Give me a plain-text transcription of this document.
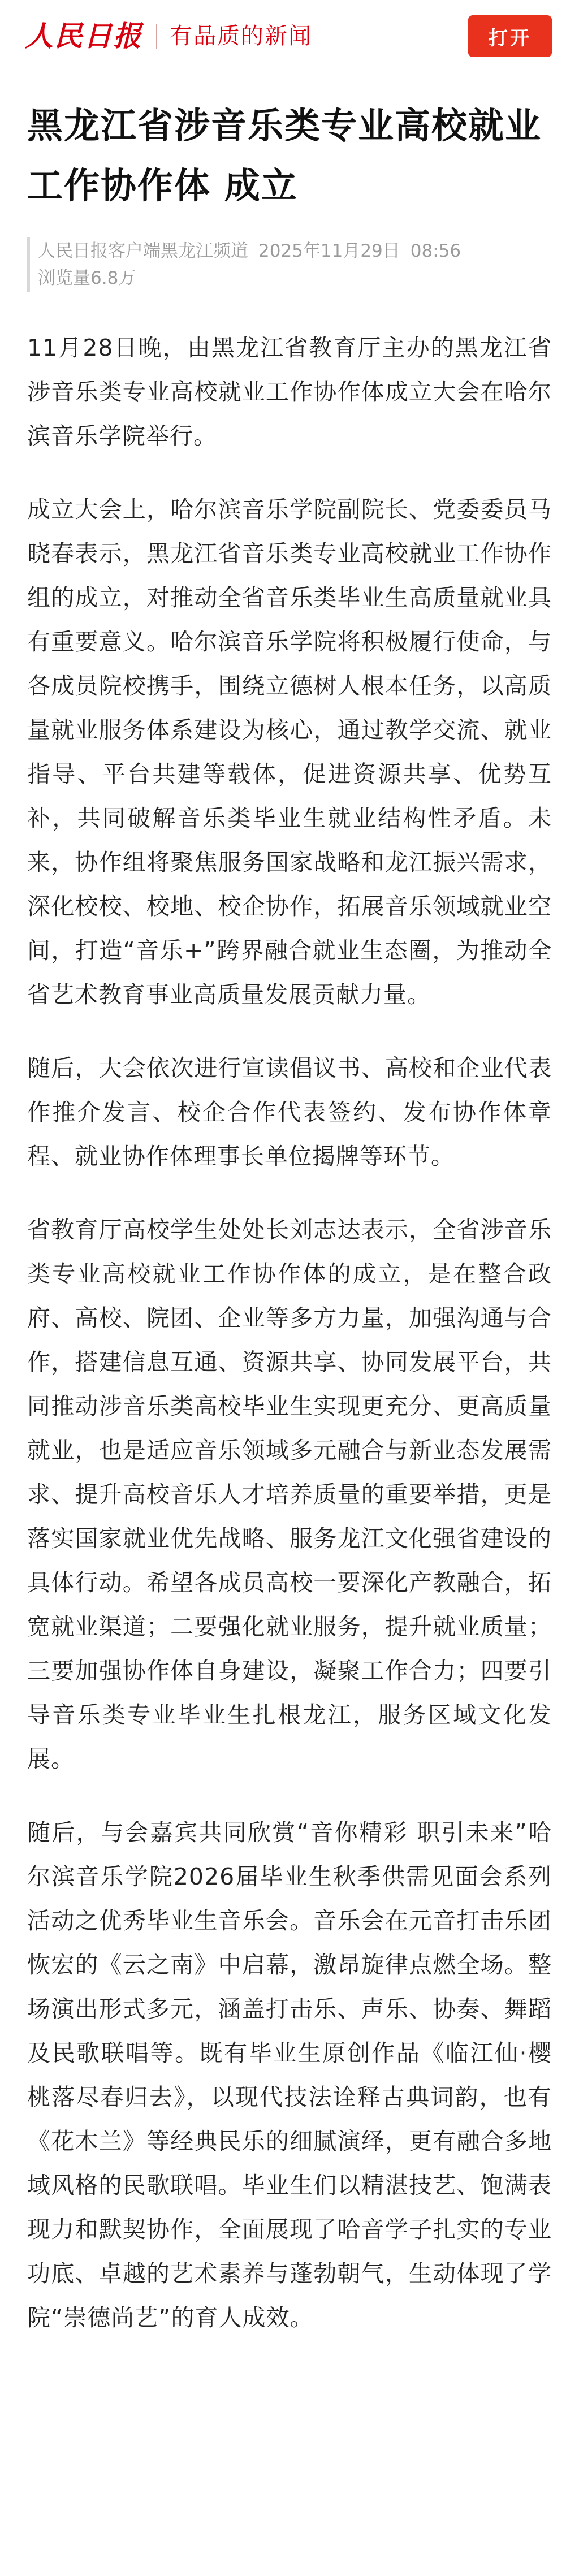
人民日报 有品质的新闻	打开
黑龙江省涉音乐类专业高校就业工作协作体 成立
人民日报客户端黑龙江频道 2025年11月29日 08:56
浏览量6.8万

11月28日晚，由黑龙江省教育厅主办的黑龙江省涉音乐类专业高校就业工作协作体成立大会在哈尔滨音乐学院举行。

成立大会上，哈尔滨音乐学院副院长、党委委员马晓春表示，黑龙江省音乐类专业高校就业工作协作组的成立，对推动全省音乐类毕业生高质量就业具有重要意义。哈尔滨音乐学院将积极履行使命，与各成员院校携手，围绕立德树人根本任务，以高质量就业服务体系建设为核心，通过教学交流、就业指导、平台共建等载体，促进资源共享、优势互补，共同破解音乐类毕业生就业结构性矛盾。未来，协作组将聚焦服务国家战略和龙江振兴需求，深化校校、校地、校企协作，拓展音乐领域就业空间，打造“音乐+”跨界融合就业生态圈，为推动全省艺术教育事业高质量发展贡献力量。

随后，大会依次进行宣读倡议书、高校和企业代表作推介发言、校企合作代表签约、发布协作体章程、就业协作体理事长单位揭牌等环节。

省教育厅高校学生处处长刘志达表示，全省涉音乐类专业高校就业工作协作体的成立，是在整合政府、高校、院团、企业等多方力量，加强沟通与合作，搭建信息互通、资源共享、协同发展平台，共同推动涉音乐类高校毕业生实现更充分、更高质量就业，也是适应音乐领域多元融合与新业态发展需求、提升高校音乐人才培养质量的重要举措，更是落实国家就业优先战略、服务龙江文化强省建设的具体行动。希望各成员高校一要深化产教融合，拓宽就业渠道；二要强化就业服务，提升就业质量；三要加强协作体自身建设，凝聚工作合力；四要引导音乐类专业毕业生扎根龙江，服务区域文化发展。

随后，与会嘉宾共同欣赏“音你精彩 职引未来”哈尔滨音乐学院2026届毕业生秋季供需见面会系列活动之优秀毕业生音乐会。音乐会在元音打击乐团恢宏的《云之南》中启幕，激昂旋律点燃全场。整场演出形式多元，涵盖打击乐、声乐、协奏、舞蹈及民歌联唱等。既有毕业生原创作品《临江仙·樱桃落尽春归去》，以现代技法诠释古典词韵，也有《花木兰》等经典民乐的细腻演绎，更有融合多地域风格的民歌联唱。毕业生们以精湛技艺、饱满表现力和默契协作，全面展现了哈音学子扎实的专业功底、卓越的艺术素养与蓬勃朝气，生动体现了学院“崇德尚艺”的育人成效。
